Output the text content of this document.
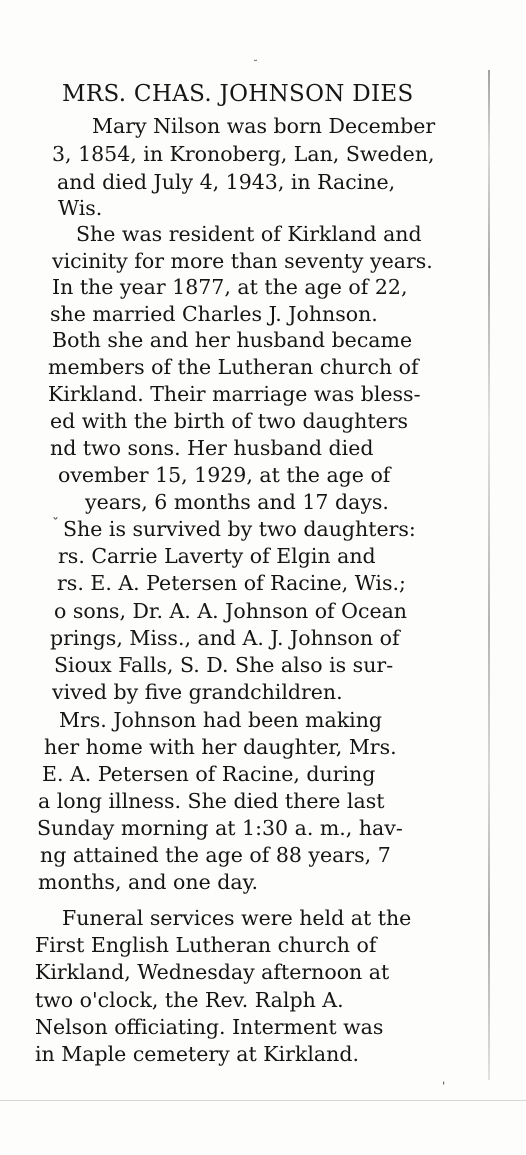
MRS. CHAS. JOHNSON DIES
Mary Nilson was born December
3, 1854, in Kronoberg, Lan, Sweden,
and died July 4, 1943, in Racine,
Wis.
She was resident of Kirkland and
vicinity for more than seventy years.
In the year 1877, at the age of 22,
she married Charles J. Johnson.
Both she and her husband became
members of the Lutheran church of
Kirkland. Their marriage was bless-
ed with the birth of two daughters
nd two sons. Her husband died
ovember 15, 1929, at the age of
years, 6 months and 17 days.
She is survived by two daughters:
rs. Carrie Laverty of Elgin and
rs. E. A. Petersen of Racine, Wis.;
o sons, Dr. A. A. Johnson of Ocean
prings, Miss., and A. J. Johnson of
Sioux Falls, S. D. She also is sur-
vived by five grandchildren.
Mrs. Johnson had been making
her home with her daughter, Mrs.
E. A. Petersen of Racine, during
a long illness. She died there last
Sunday morning at 1:30 a. m., hav-
ng attained the age of 88 years, 7
months, and one day.
Funeral services were held at the
First English Lutheran church of
Kirkland, Wednesday afternoon at
two o'clock, the Rev. Ralph A.
Nelson officiating. Interment was
in Maple cemetery at Kirkland.
˘
˯
ˈ
